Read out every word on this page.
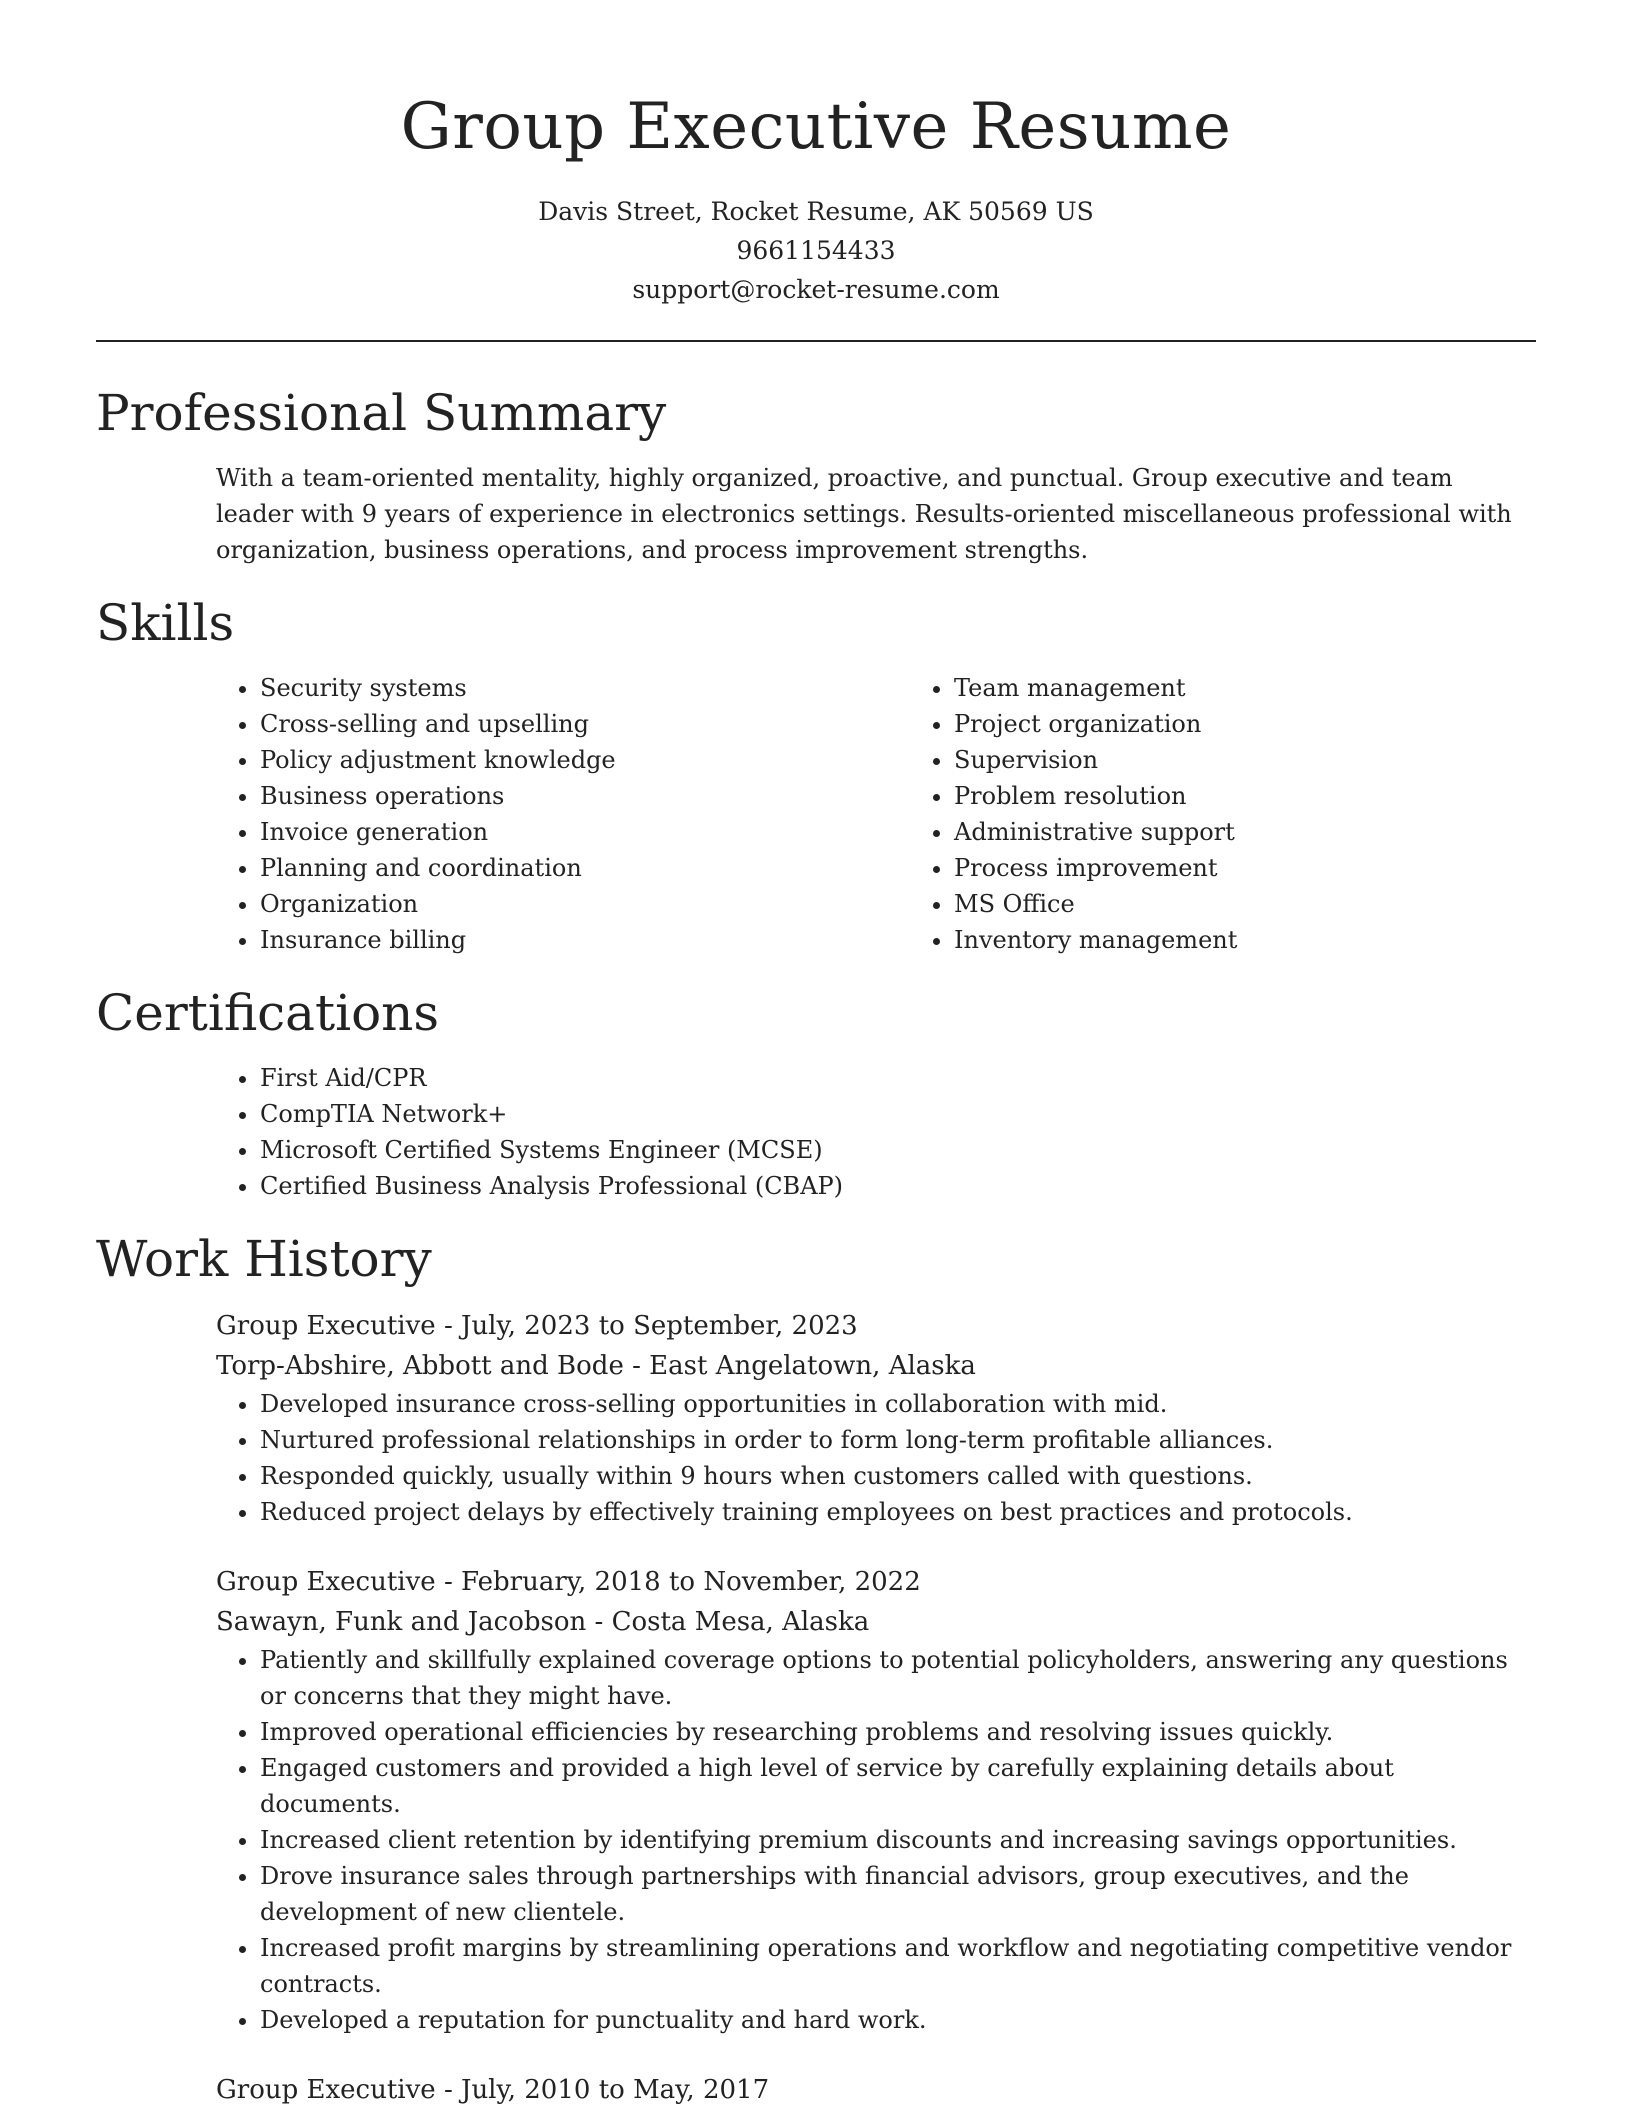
Group Executive Resume

Davis Street, Rocket Resume, AK 50569 US

9661154433

support@rocket-resume.com

Professional Summary

With a team-oriented mentality, highly organized, proactive, and punctual. Group executive and team leader with 9 years of experience in electronics settings. Results-oriented miscellaneous professional with organization, business operations, and process improvement strengths.

Skills
• Security systems
• Cross-selling and upselling
• Policy adjustment knowledge
• Business operations
• Invoice generation
• Planning and coordination
• Organization
• Insurance billing
• Team management
• Project organization
• Supervision
• Problem resolution
• Administrative support
• Process improvement
• MS Office
• Inventory management
Certifications
• First Aid/CPR
• CompTIA Network+
• Microsoft Certified Systems Engineer (MCSE)
• Certified Business Analysis Professional (CBAP)
Work History

Group Executive - July, 2023 to September, 2023

Torp-Abshire, Abbott and Bode - East Angelatown, Alaska

• Developed insurance cross-selling opportunities in collaboration with mid.
• Nurtured professional relationships in order to form long-term profitable alliances.
• Responded quickly, usually within 9 hours when customers called with questions.
• Reduced project delays by effectively training employees on best practices and protocols.

Group Executive - February, 2018 to November, 2022

Sawayn, Funk and Jacobson - Costa Mesa, Alaska

• Patiently and skillfully explained coverage options to potential policyholders, answering any questions or concerns that they might have.
• Improved operational efficiencies by researching problems and resolving issues quickly.
• Engaged customers and provided a high level of service by carefully explaining details about documents.
• Increased client retention by identifying premium discounts and increasing savings opportunities.
• Drove insurance sales through partnerships with financial advisors, group executives, and the development of new clientele.
• Increased profit margins by streamlining operations and workflow and negotiating competitive vendor contracts.
• Developed a reputation for punctuality and hard work.

Group Executive - July, 2010 to May, 2017
